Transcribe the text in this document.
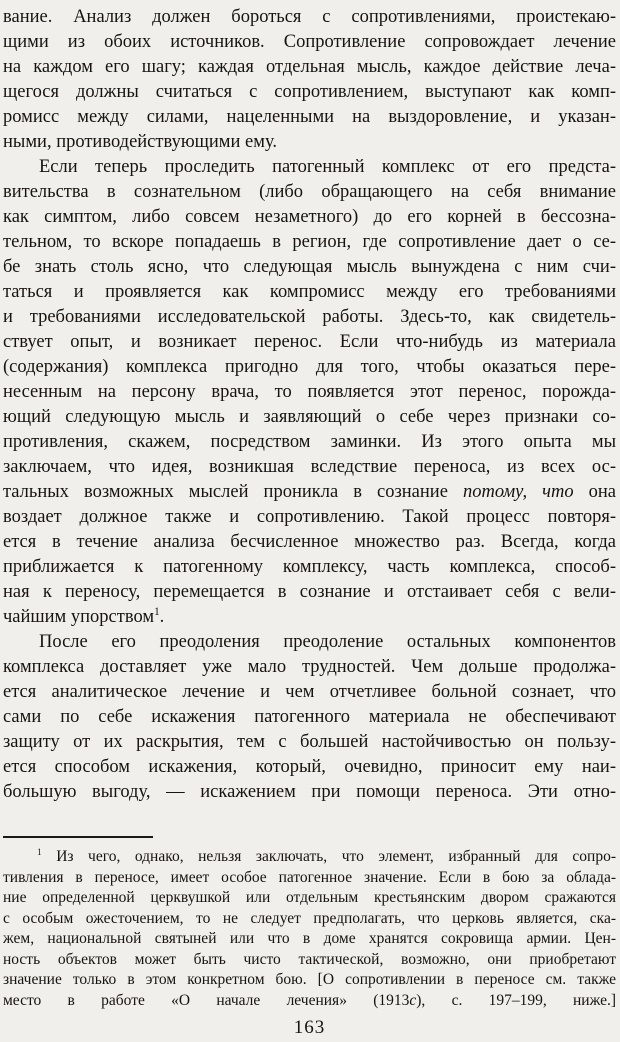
вание. Анализ должен бороться с сопротивлениями, проистекаю-
щими из обоих источников. Сопротивление сопровождает лечение
на каждом его шагу; каждая отдельная мысль, каждое действие леча-
щегося должны считаться с сопротивлением, выступают как комп-
ромисс между силами, нацеленными на выздоровление, и указан-
ными, противодействующими ему.
Если теперь проследить патогенный комплекс от его предста-
вительства в сознательном (либо обращающего на себя внимание
как симптом, либо совсем незаметного) до его корней в бессозна-
тельном, то вскоре попадаешь в регион, где сопротивление дает о се-
бе знать столь ясно, что следующая мысль вынуждена с ним счи-
таться и проявляется как компромисс между его требованиями
и требованиями исследовательской работы. Здесь-то, как свидетель-
ствует опыт, и возникает перенос. Если что-нибудь из материала
(содержания) комплекса пригодно для того, чтобы оказаться пере-
несенным на персону врача, то появляется этот перенос, порожда-
ющий следующую мысль и заявляющий о себе через признаки со-
противления, скажем, посредством заминки. Из этого опыта мы
заключаем, что идея, возникшая вследствие переноса, из всех ос-
тальных возможных мыслей проникла в сознание потому, что она
воздает должное также и сопротивлению. Такой процесс повторя-
ется в течение анализа бесчисленное множество раз. Всегда, когда
приближается к патогенному комплексу, часть комплекса, способ-
ная к переносу, перемещается в сознание и отстаивает себя с вели-
чайшим упорством$^1$.
После его преодоления преодоление остальных компонентов
комплекса доставляет уже мало трудностей. Чем дольше продолжа-
ется аналитическое лечение и чем отчетливее больной сознает, что
сами по себе искажения патогенного материала не обеспечивают
защиту от их раскрытия, тем с большей настойчивостью он пользу-
ется способом искажения, который, очевидно, приносит ему наи-
большую выгоду, — искажением при помощи переноса. Эти отно-
$^1$ Из чего, однако, нельзя заключать, что элемент, избранный для сопро-
тивления в переносе, имеет особое патогенное значение. Если в бою за облада-
ние определенной церквушкой или отдельным крестьянским двором сражаются
с особым ожесточением, то не следует предполагать, что церковь является, ска-
жем, национальной святыней или что в доме хранятся сокровища армии. Цен-
ность объектов может быть чисто тактической, возможно, они приобретают
значение только в этом конкретном бою. [О сопротивлении в переносе см. также
место в работе «О начале лечения» (1913c), с. 197–199, ниже.]
163
